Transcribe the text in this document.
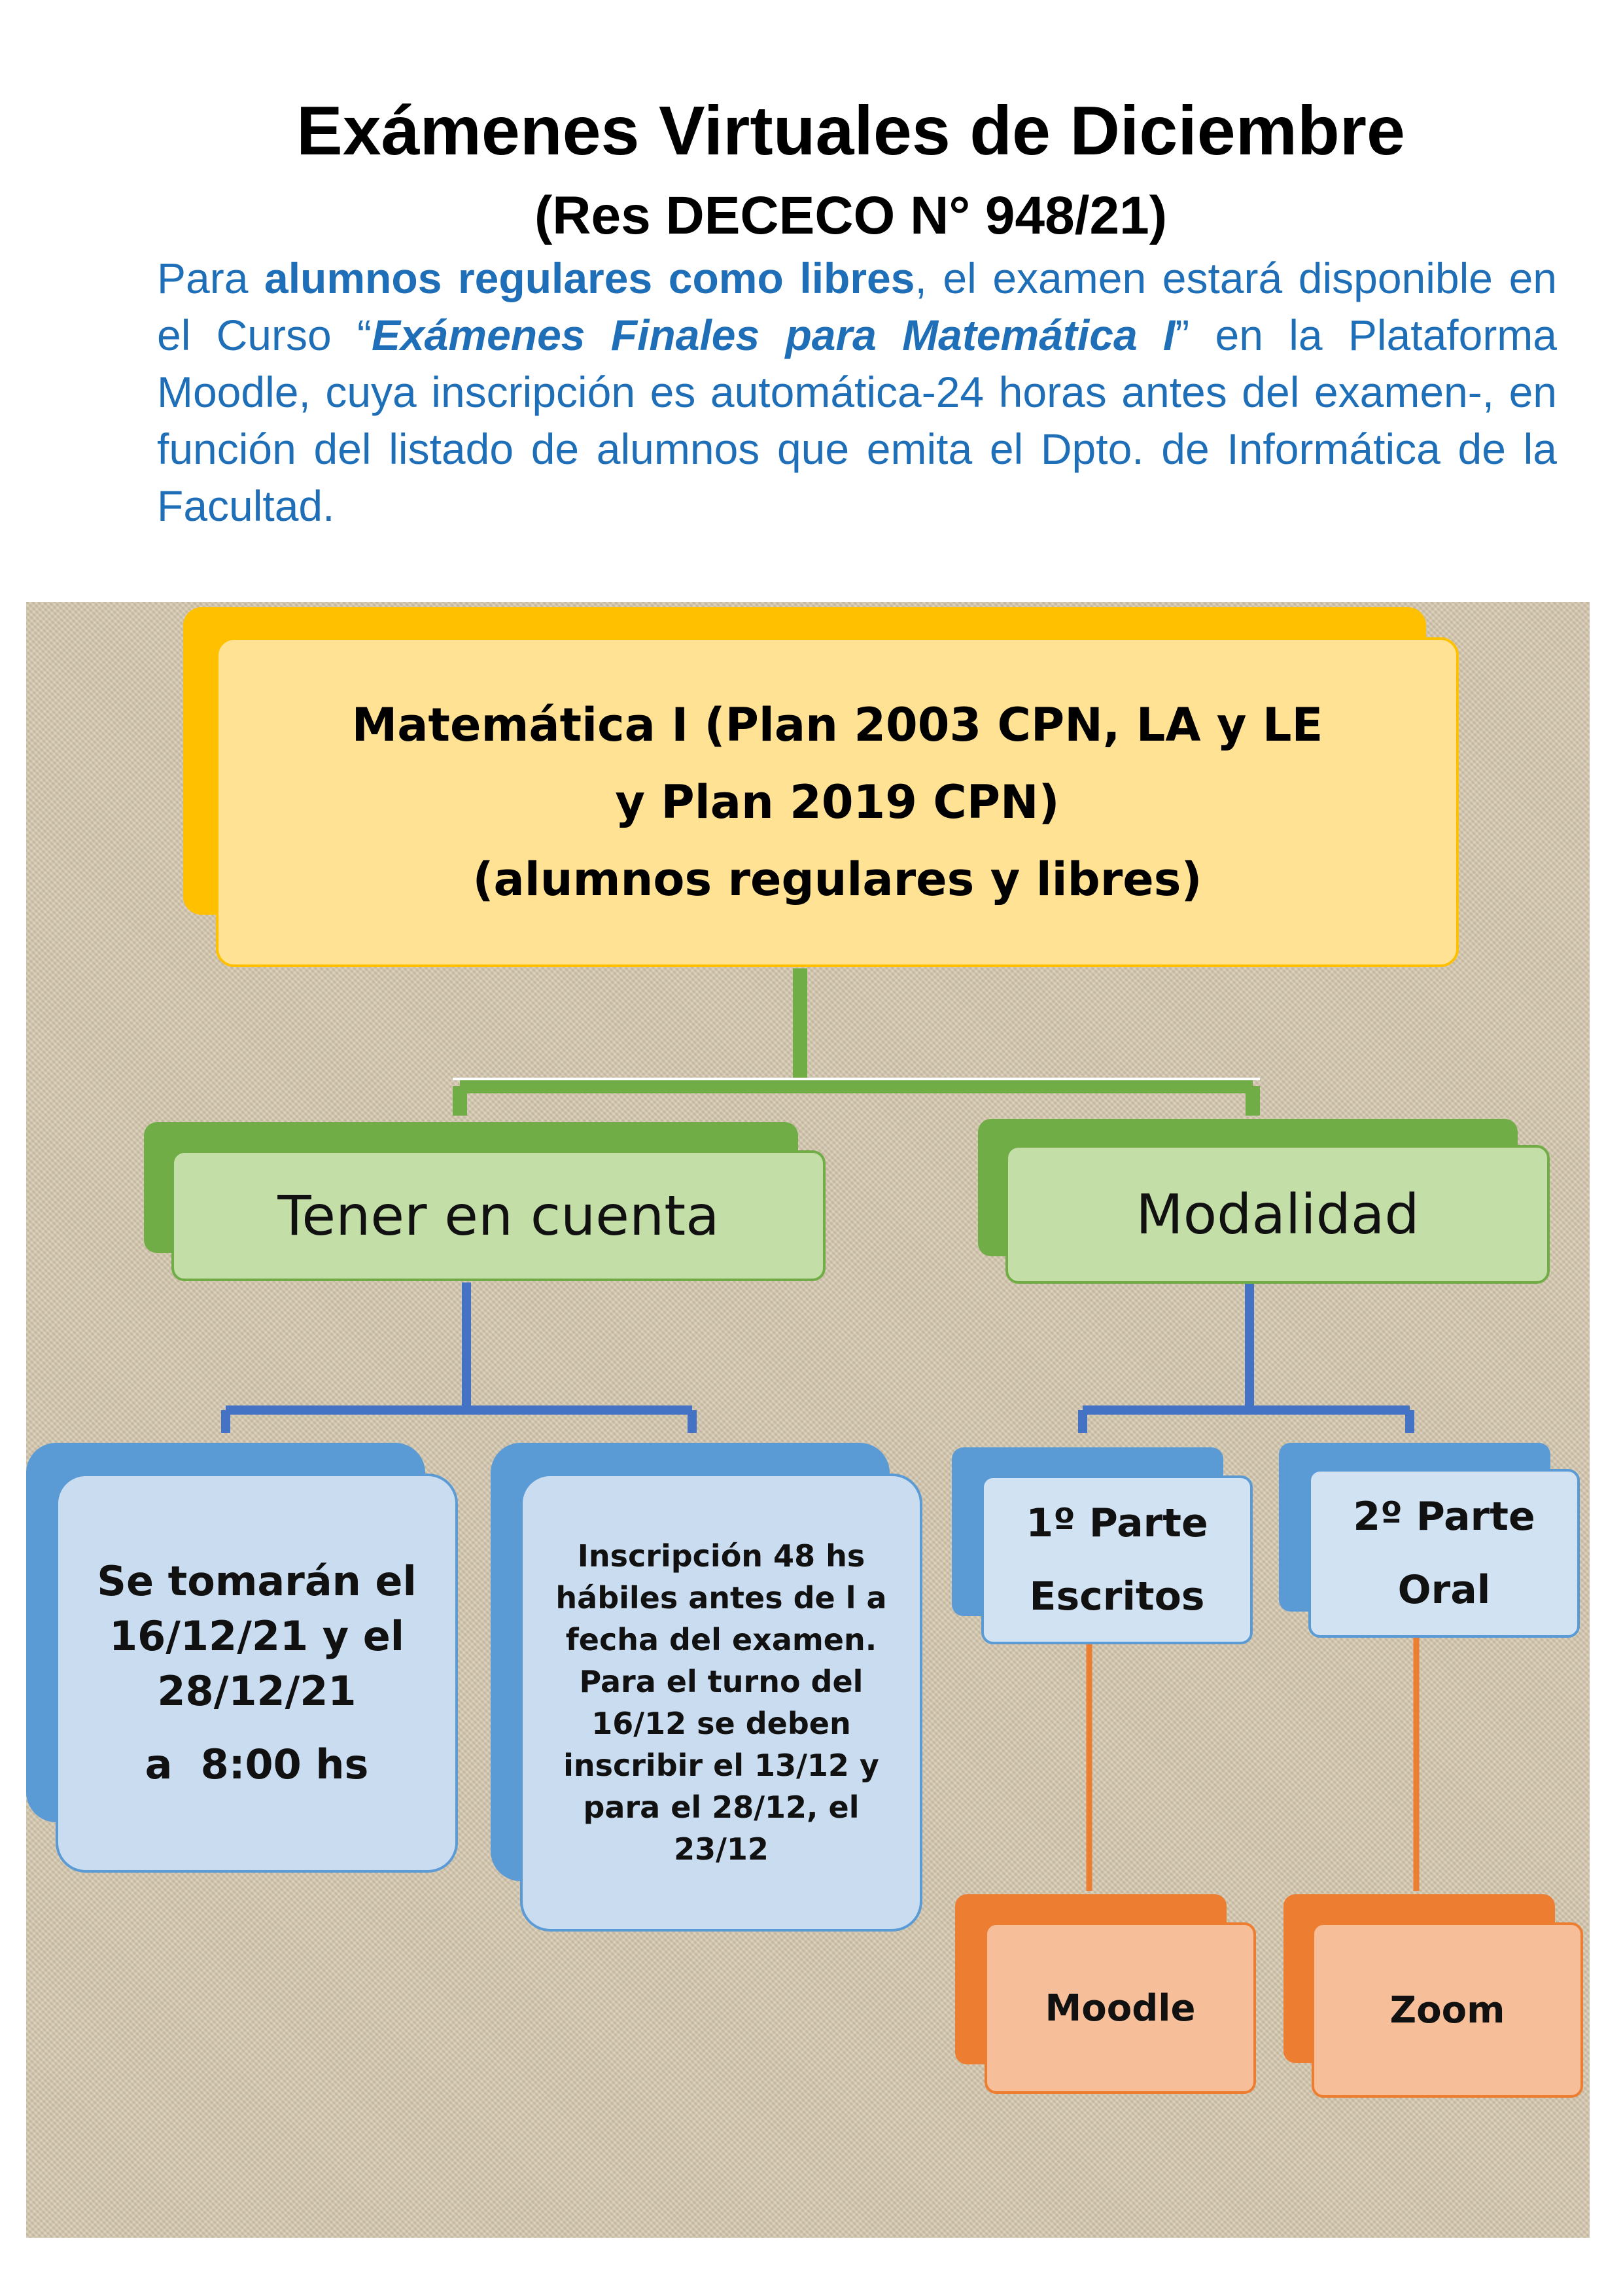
Exámenes Virtuales de Diciembre
(Res DECECO N° 948/21)
Para alumnos regulares como libres, el examen estará disponible en el Curso “Exámenes Finales para Matemática I” en la Plataforma Moodle, cuya inscripción es automática-24 horas antes del examen-, en función del listado de alumnos que emita el Dpto. de Informática de la Facultad.
Matemática I (Plan 2003 CPN, LA y LE
y Plan 2019 CPN)
(alumnos regulares y libres)
Tener en cuenta	Modalidad
Se tomarán el
16/12/21 y el
28/12/21
a  8:00 hs
Inscripción 48 hs
hábiles antes de l a
fecha del examen.
Para el turno del
16/12 se deben
inscribir el 13/12 y
para el 28/12, el
23/12
1º Parte
Escritos
2º Parte
Oral
Moodle	Zoom
